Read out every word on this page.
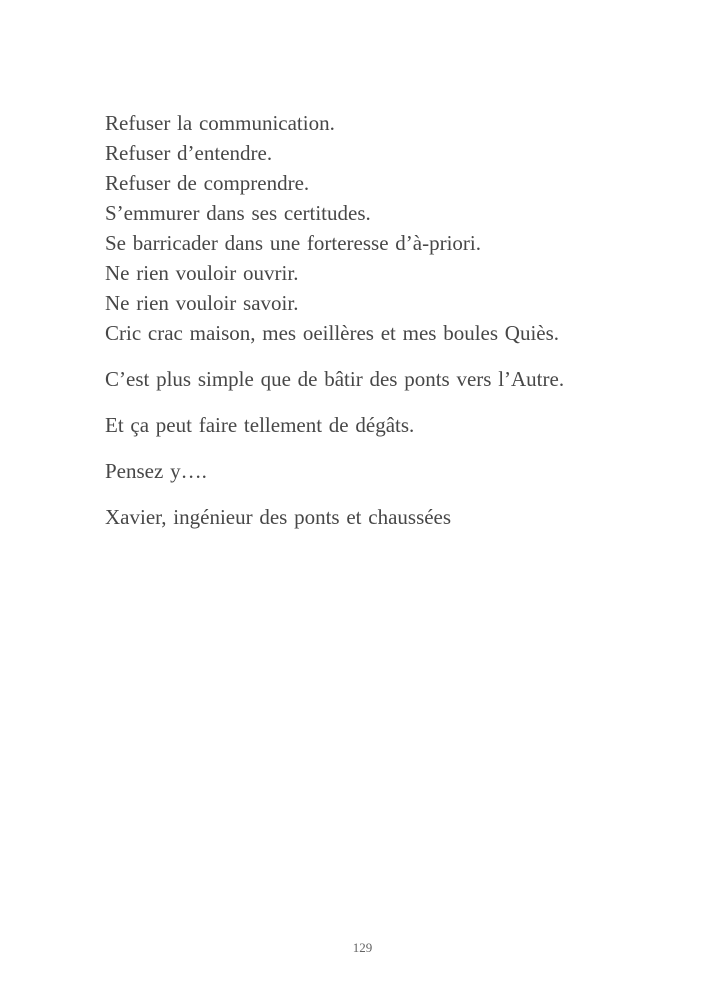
Refuser la communication.

Refuser d’entendre.

Refuser de comprendre.

S’emmurer dans ses certitudes.

Se barricader dans une forteresse d’à-priori.

Ne rien vouloir ouvrir.

Ne rien vouloir savoir.

Cric crac maison, mes oeillères et mes boules Quiès.

C’est plus simple que de bâtir des ponts vers l’Autre.

Et ça peut faire tellement de dégâts.

Pensez y….

Xavier, ingénieur des ponts et chaussées

129
